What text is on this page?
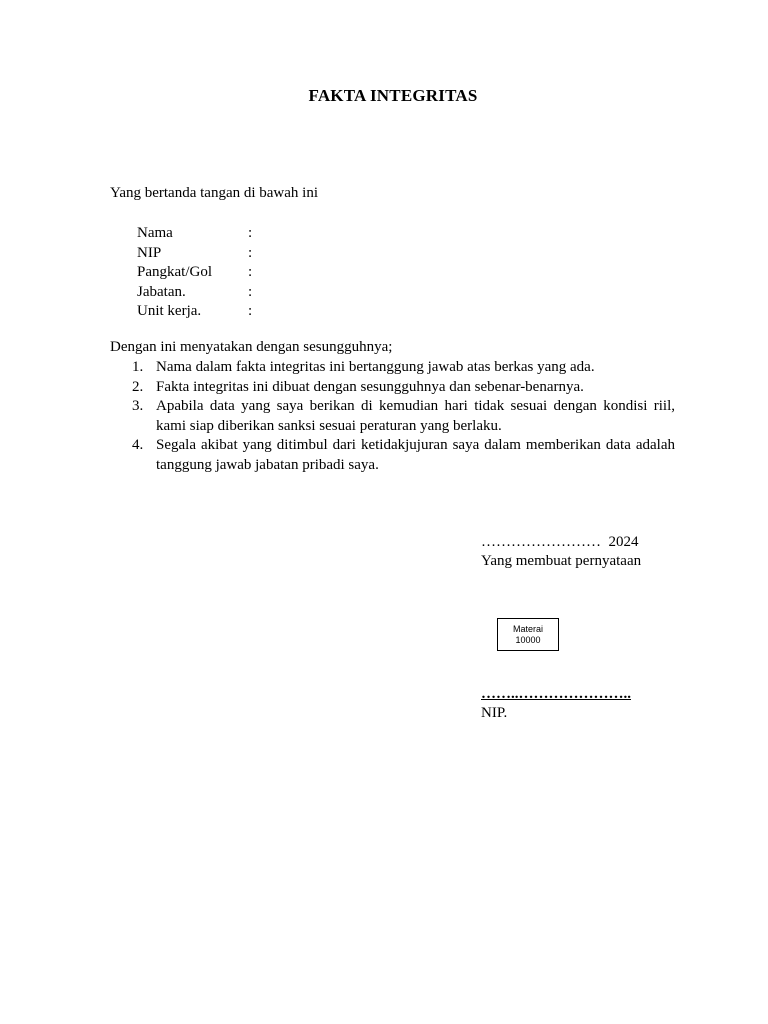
FAKTA INTEGRITAS
Yang bertanda tangan di bawah ini
Nama	:
NIP	:
Pangkat/Gol :
Jabatan.	:
Unit kerja.	:
Dengan ini menyatakan dengan sesungguhnya;
1. Nama dalam fakta integritas ini bertanggung jawab atas berkas yang ada.
2. Fakta integritas ini dibuat dengan sesungguhnya dan sebenar-benarnya.
3. Apabila data yang saya berikan di kemudian hari tidak sesuai dengan kondisi riil, kami siap diberikan sanksi sesuai peraturan yang berlaku.
4. Segala akibat yang ditimbul dari ketidakjujuran saya dalam memberikan data adalah tanggung jawab jabatan pribadi saya.
……………………  2024
Yang membuat pernyataan
Materai
10000
……..…………………..
NIP.
